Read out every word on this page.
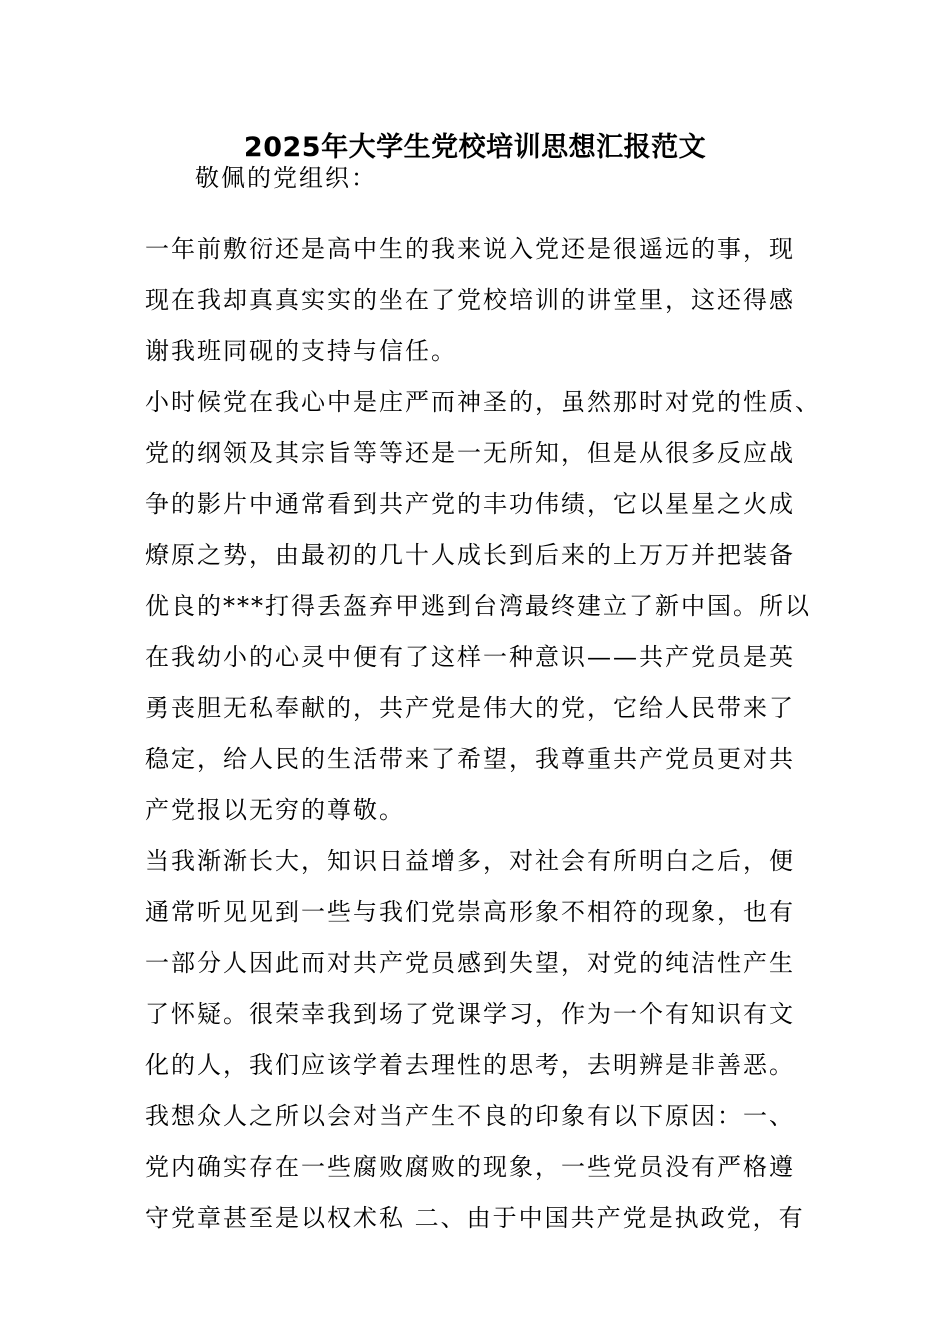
2025年大学生党校培训思想汇报范文
敬佩的党组织：
一年前敷衍还是高中生的我来说入党还是很遥远的事，现
现在我却真真实实的坐在了党校培训的讲堂里，这还得感
谢我班同砚的支持与信任。
小时候党在我心中是庄严而神圣的，虽然那时对党的性质、
党的纲领及其宗旨等等还是一无所知，但是从很多反应战
争的影片中通常看到共产党的丰功伟绩，它以星星之火成
燎原之势，由最初的几十人成长到后来的上万万并把装备
优良的***打得丢盔弃甲逃到台湾最终建立了新中国。所以
在我幼小的心灵中便有了这样一种意识——共产党员是英
勇丧胆无私奉献的，共产党是伟大的党，它给人民带来了
稳定，给人民的生活带来了希望，我尊重共产党员更对共
产党报以无穷的尊敬。
当我渐渐长大，知识日益增多，对社会有所明白之后，便
通常听见见到一些与我们党崇高形象不相符的现象，也有
一部分人因此而对共产党员感到失望，对党的纯洁性产生
了怀疑。很荣幸我到场了党课学习，作为一个有知识有文
化的人，我们应该学着去理性的思考，去明辨是非善恶。
我想众人之所以会对当产生不良的印象有以下原因：一、
党内确实存在一些腐败腐败的现象，一些党员没有严格遵
守党章甚至是以权术私 二、由于中国共产党是执政党，有
